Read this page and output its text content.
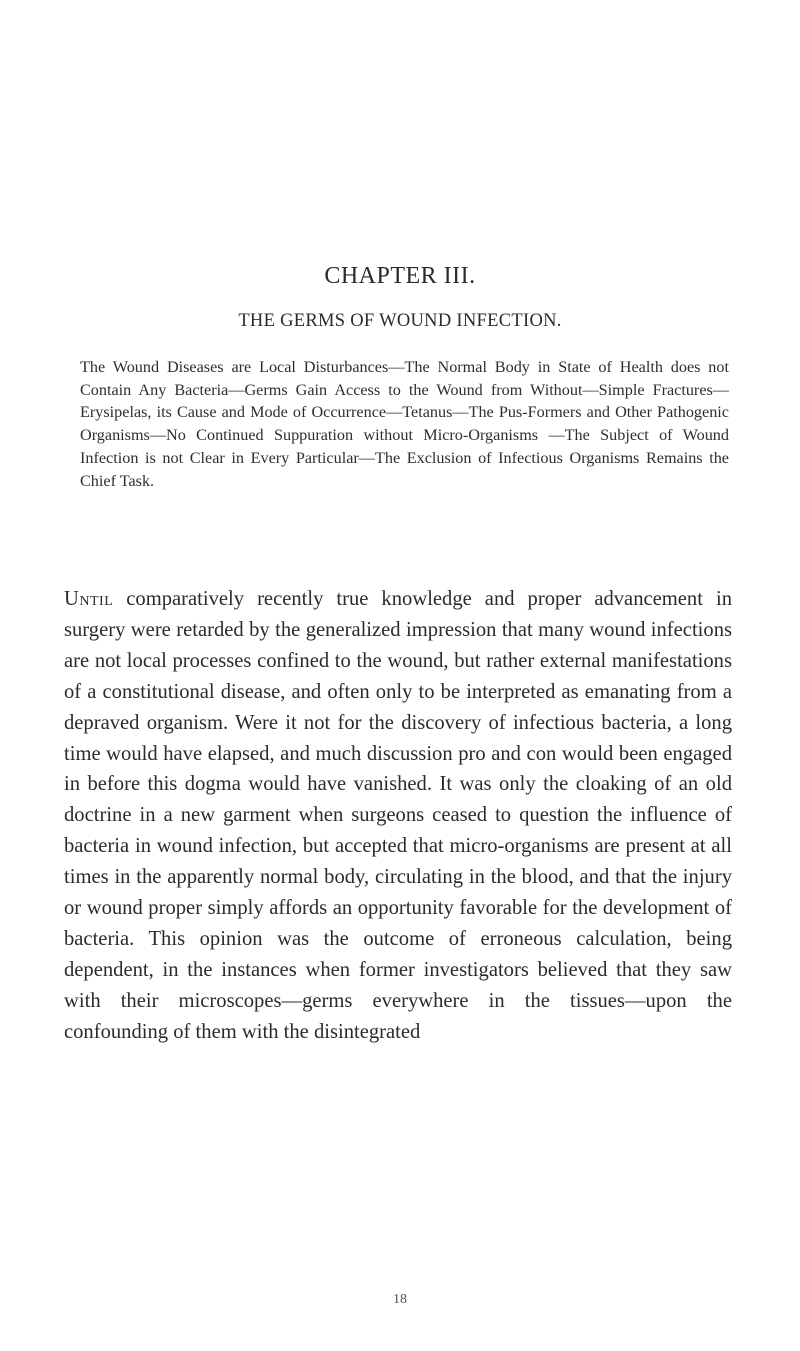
CHAPTER III.
THE GERMS OF WOUND INFECTION.

The Wound Diseases are Local Disturbances—The Normal Body in State of Health does not Contain Any Bacteria—Germs Gain Access to the Wound from Without—Simple Fractures—Erysipelas, its Cause and Mode of Occurrence—Tetanus—The Pus-Formers and Other Pathogenic Organisms—No Continued Suppuration without Micro-Organisms —The Subject of Wound Infection is not Clear in Every Particular—The Exclusion of Infectious Organisms Remains the Chief Task.

Until comparatively recently true knowledge and proper advancement in surgery were retarded by the generalized impression that many wound infections are not local processes confined to the wound, but rather external manifestations of a constitutional disease, and often only to be interpreted as emanating from a depraved organism. Were it not for the discovery of infectious bacteria, a long time would have elapsed, and much discussion pro and con would been engaged in before this dogma would have vanished. It was only the cloaking of an old doctrine in a new garment when surgeons ceased to question the influence of bacteria in wound infection, but accepted that micro-organisms are present at all times in the apparently normal body, circulating in the blood, and that the injury or wound proper simply affords an opportunity favorable for the development of bacteria. This opinion was the outcome of erroneous calculation, being dependent, in the instances when former investigators believed that they saw with their microscopes—germs everywhere in the tissues—upon the confounding of them with the disintegrated

18
